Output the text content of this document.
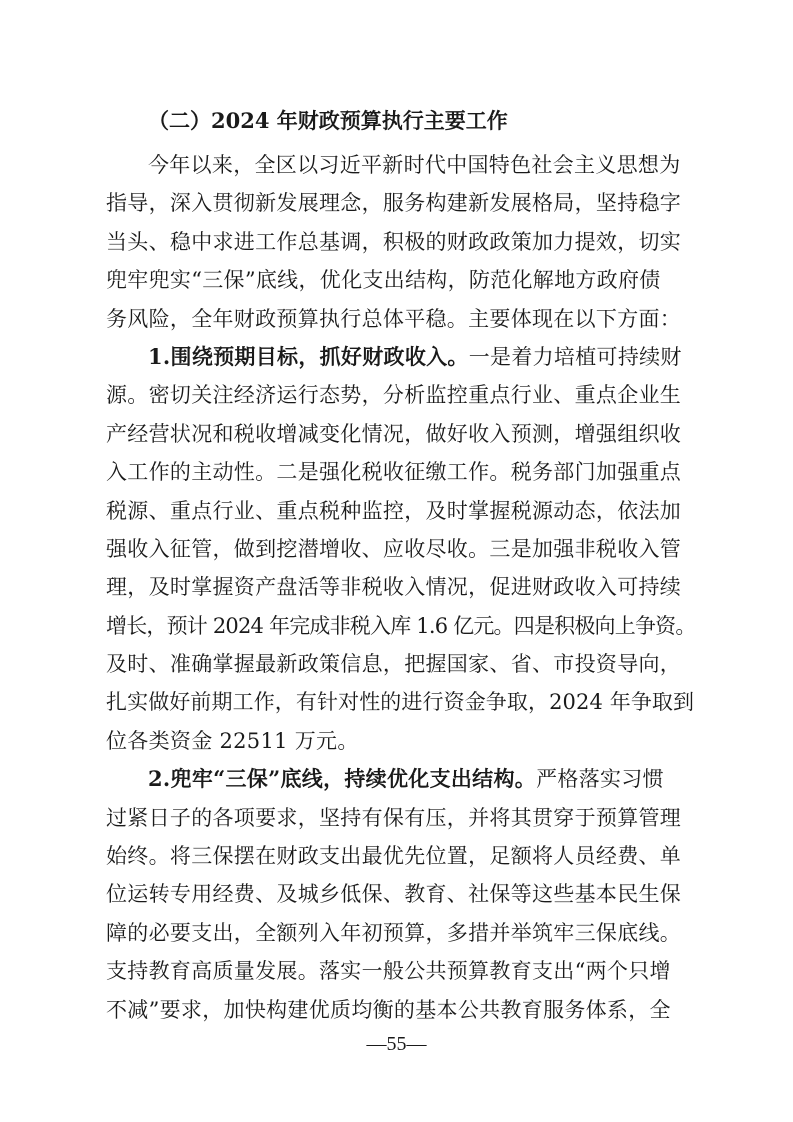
（二）2024 年财政预算执行主要工作
今年以来，全区以习近平新时代中国特色社会主义思想为
指导，深入贯彻新发展理念，服务构建新发展格局，坚持稳字
当头、稳中求进工作总基调，积极的财政政策加力提效，切实
兜牢兜实“三保”底线，优化支出结构，防范化解地方政府债
务风险，全年财政预算执行总体平稳。主要体现在以下方面：
1.围绕预期目标，抓好财政收入。一是着力培植可持续财
源。密切关注经济运行态势，分析监控重点行业、重点企业生
产经营状况和税收增减变化情况，做好收入预测，增强组织收
入工作的主动性。二是强化税收征缴工作。税务部门加强重点
税源、重点行业、重点税种监控，及时掌握税源动态，依法加
强收入征管，做到挖潜增收、应收尽收。三是加强非税收入管
理，及时掌握资产盘活等非税收入情况，促进财政收入可持续
增长，预计 2024 年完成非税入库 1.6 亿元。四是积极向上争资。
及时、准确掌握最新政策信息，把握国家、省、市投资导向，
扎实做好前期工作，有针对性的进行资金争取，2024 年争取到
位各类资金 22511 万元。
2.兜牢“三保”底线，持续优化支出结构。严格落实习惯
过紧日子的各项要求，坚持有保有压，并将其贯穿于预算管理
始终。将三保摆在财政支出最优先位置，足额将人员经费、单
位运转专用经费、及城乡低保、教育、社保等这些基本民生保
障的必要支出，全额列入年初预算，多措并举筑牢三保底线。
支持教育高质量发展。落实一般公共预算教育支出“两个只增
不减”要求，加快构建优质均衡的基本公共教育服务体系，全
—55—
